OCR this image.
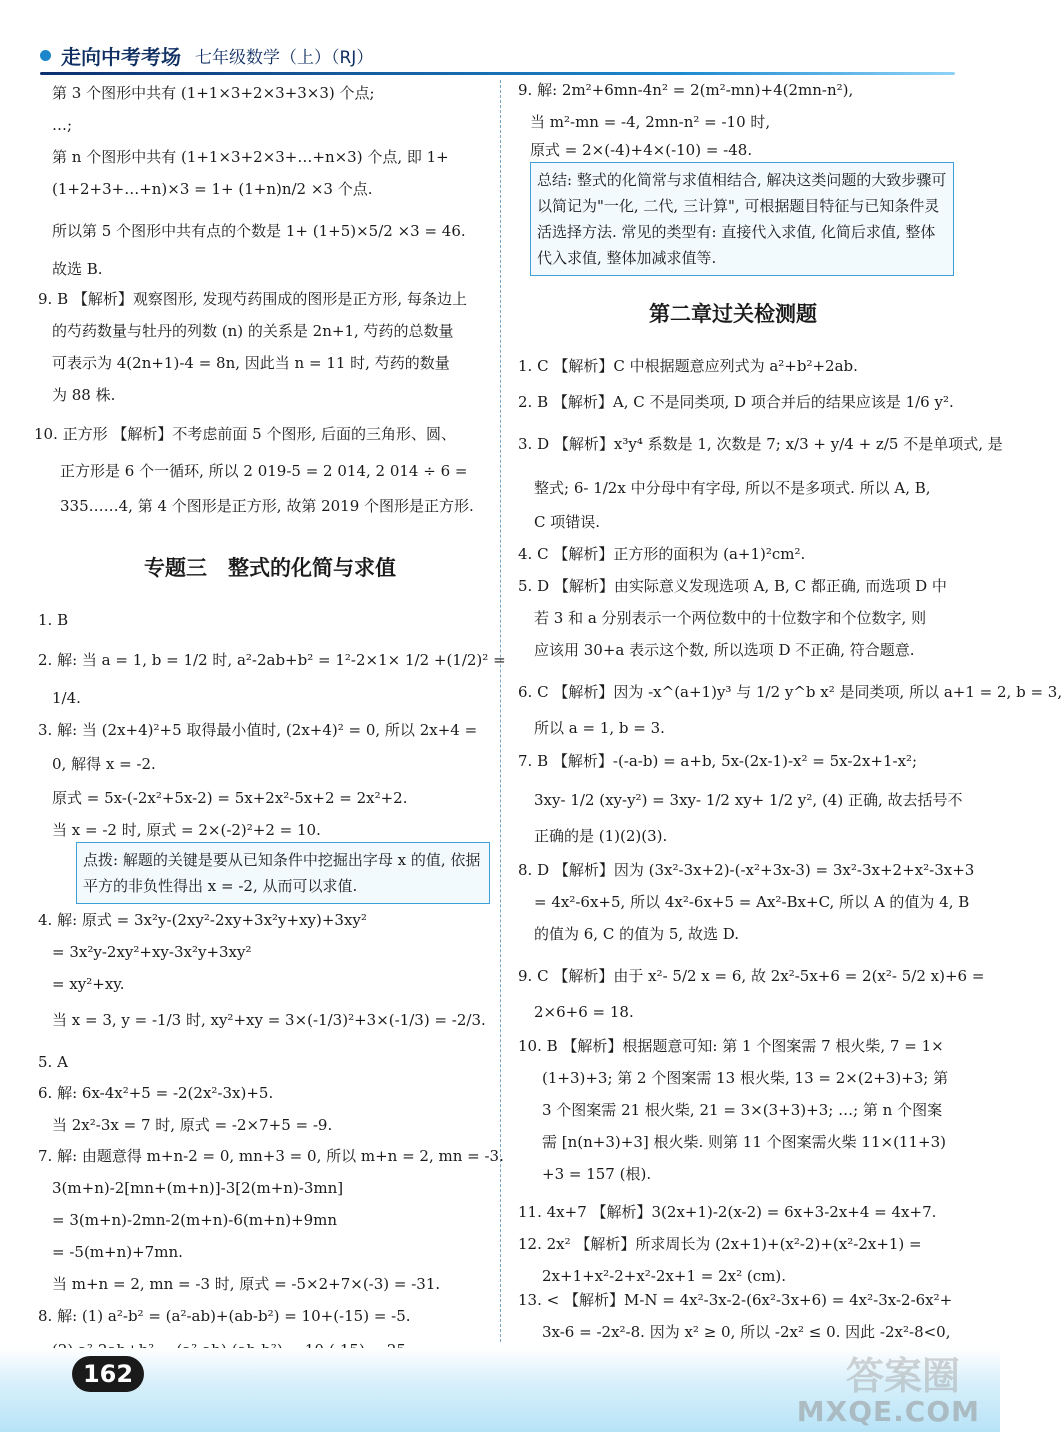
走向中考考场 七年级数学（上）（RJ）
第 3 个图形中共有 (1+1×3+2×3+3×3) 个点;
…;
第 n 个图形中共有 (1+1×3+2×3+…+n×3) 个点, 即 1+
(1+2+3+…+n)×3 = 1+ (1+n)n/2 ×3 个点.
所以第 5 个图形中共有点的个数是 1+ (1+5)×5/2 ×3 = 46.
故选 B.
9. B 【解析】观察图形, 发现芍药围成的图形是正方形, 每条边上
的芍药数量与牡丹的列数 (n) 的关系是 2n+1, 芍药的总数量
可表示为 4(2n+1)-4 = 8n, 因此当 n = 11 时, 芍药的数量
为 88 株.
10. 正方形 【解析】不考虑前面 5 个图形, 后面的三角形、圆、
正方形是 6 个一循环, 所以 2 019-5 = 2 014, 2 014 ÷ 6 =
335……4, 第 4 个图形是正方形, 故第 2019 个图形是正方形.
专题三　整式的化简与求值
1. B
2. 解: 当 a = 1, b = 1/2 时, a²-2ab+b² = 1²-2×1× 1/2 +(1/2)² =
1/4.
3. 解: 当 (2x+4)²+5 取得最小值时, (2x+4)² = 0, 所以 2x+4 =
0, 解得 x = -2.
原式 = 5x-(-2x²+5x-2) = 5x+2x²-5x+2 = 2x²+2.
当 x = -2 时, 原式 = 2×(-2)²+2 = 10.
点拨: 解题的关键是要从已知条件中挖掘出字母 x 的值, 依据平方的非负性得出 x = -2, 从而可以求值.
4. 解: 原式 = 3x²y-(2xy²-2xy+3x²y+xy)+3xy²
= 3x²y-2xy²+xy-3x²y+3xy²
= xy²+xy.
当 x = 3, y = -1/3 时, xy²+xy = 3×(-1/3)²+3×(-1/3) = -2/3.
5. A
6. 解: 6x-4x²+5 = -2(2x²-3x)+5.
当 2x²-3x = 7 时, 原式 = -2×7+5 = -9.
7. 解: 由题意得 m+n-2 = 0, mn+3 = 0, 所以 m+n = 2, mn = -3.
3(m+n)-2[mn+(m+n)]-3[2(m+n)-3mn]
= 3(m+n)-2mn-2(m+n)-6(m+n)+9mn
= -5(m+n)+7mn.
当 m+n = 2, mn = -3 时, 原式 = -5×2+7×(-3) = -31.
8. 解: (1) a²-b² = (a²-ab)+(ab-b²) = 10+(-15) = -5.
9. 解: 2m²+6mn-4n² = 2(m²-mn)+4(2mn-n²),
当 m²-mn = -4, 2mn-n² = -10 时,
原式 = 2×(-4)+4×(-10) = -48.
总结: 整式的化简常与求值相结合, 解决这类问题的大致步骤可以简记为"一化, 二代, 三计算", 可根据题目特征与已知条件灵活选择方法. 常见的类型有: 直接代入求值, 化简后求值, 整体代入求值, 整体加减求值等.
第二章过关检测题
1. C 【解析】C 中根据题意应列式为 a²+b²+2ab.
2. B 【解析】A, C 不是同类项, D 项合并后的结果应该是 1/6 y².
3. D 【解析】x³y⁴ 系数是 1, 次数是 7; x/3 + y/4 + z/5 不是单项式, 是
整式; 6- 1/2x 中分母中有字母, 所以不是多项式. 所以 A, B,
C 项错误.
4. C 【解析】正方形的面积为 (a+1)²cm².
5. D 【解析】由实际意义发现选项 A, B, C 都正确, 而选项 D 中
若 3 和 a 分别表示一个两位数中的十位数字和个位数字, 则
应该用 30+a 表示这个数, 所以选项 D 不正确, 符合题意.
6. C 【解析】因为 -x^(a+1)y³ 与 1/2 y^b x² 是同类项, 所以 a+1 = 2, b = 3,
所以 a = 1, b = 3.
7. B 【解析】-(-a-b) = a+b, 5x-(2x-1)-x² = 5x-2x+1-x²;
3xy- 1/2 (xy-y²) = 3xy- 1/2 xy+ 1/2 y², (4) 正确, 故去括号不
正确的是 (1)(2)(3).
8. D 【解析】因为 (3x²-3x+2)-(-x²+3x-3) = 3x²-3x+2+x²-3x+3
= 4x²-6x+5, 所以 4x²-6x+5 = Ax²-Bx+C, 所以 A 的值为 4, B
的值为 6, C 的值为 5, 故选 D.
9. C 【解析】由于 x²- 5/2 x = 6, 故 2x²-5x+6 = 2(x²- 5/2 x)+6 =
2×6+6 = 18.
10. B 【解析】根据题意可知: 第 1 个图案需 7 根火柴, 7 = 1×
(1+3)+3; 第 2 个图案需 13 根火柴, 13 = 2×(2+3)+3; 第
3 个图案需 21 根火柴, 21 = 3×(3+3)+3; …; 第 n 个图案
需 [n(n+3)+3] 根火柴. 则第 11 个图案需火柴 11×(11+3)
+3 = 157 (根).
11. 4x+7 【解析】3(2x+1)-2(x-2) = 6x+3-2x+4 = 4x+7.
12. 2x² 【解析】所求周长为 (2x+1)+(x²-2)+(x²-2x+1) =
2x+1+x²-2+x²-2x+1 = 2x² (cm).
13. < 【解析】M-N = 4x²-3x-2-(6x²-3x+6) = 4x²-3x-2-6x²+
3x-6 = -2x²-8. 因为 x² ≥ 0, 所以 -2x² ≤ 0. 因此 -2x²-8<0,
162	答案圈
MXQE.COM
